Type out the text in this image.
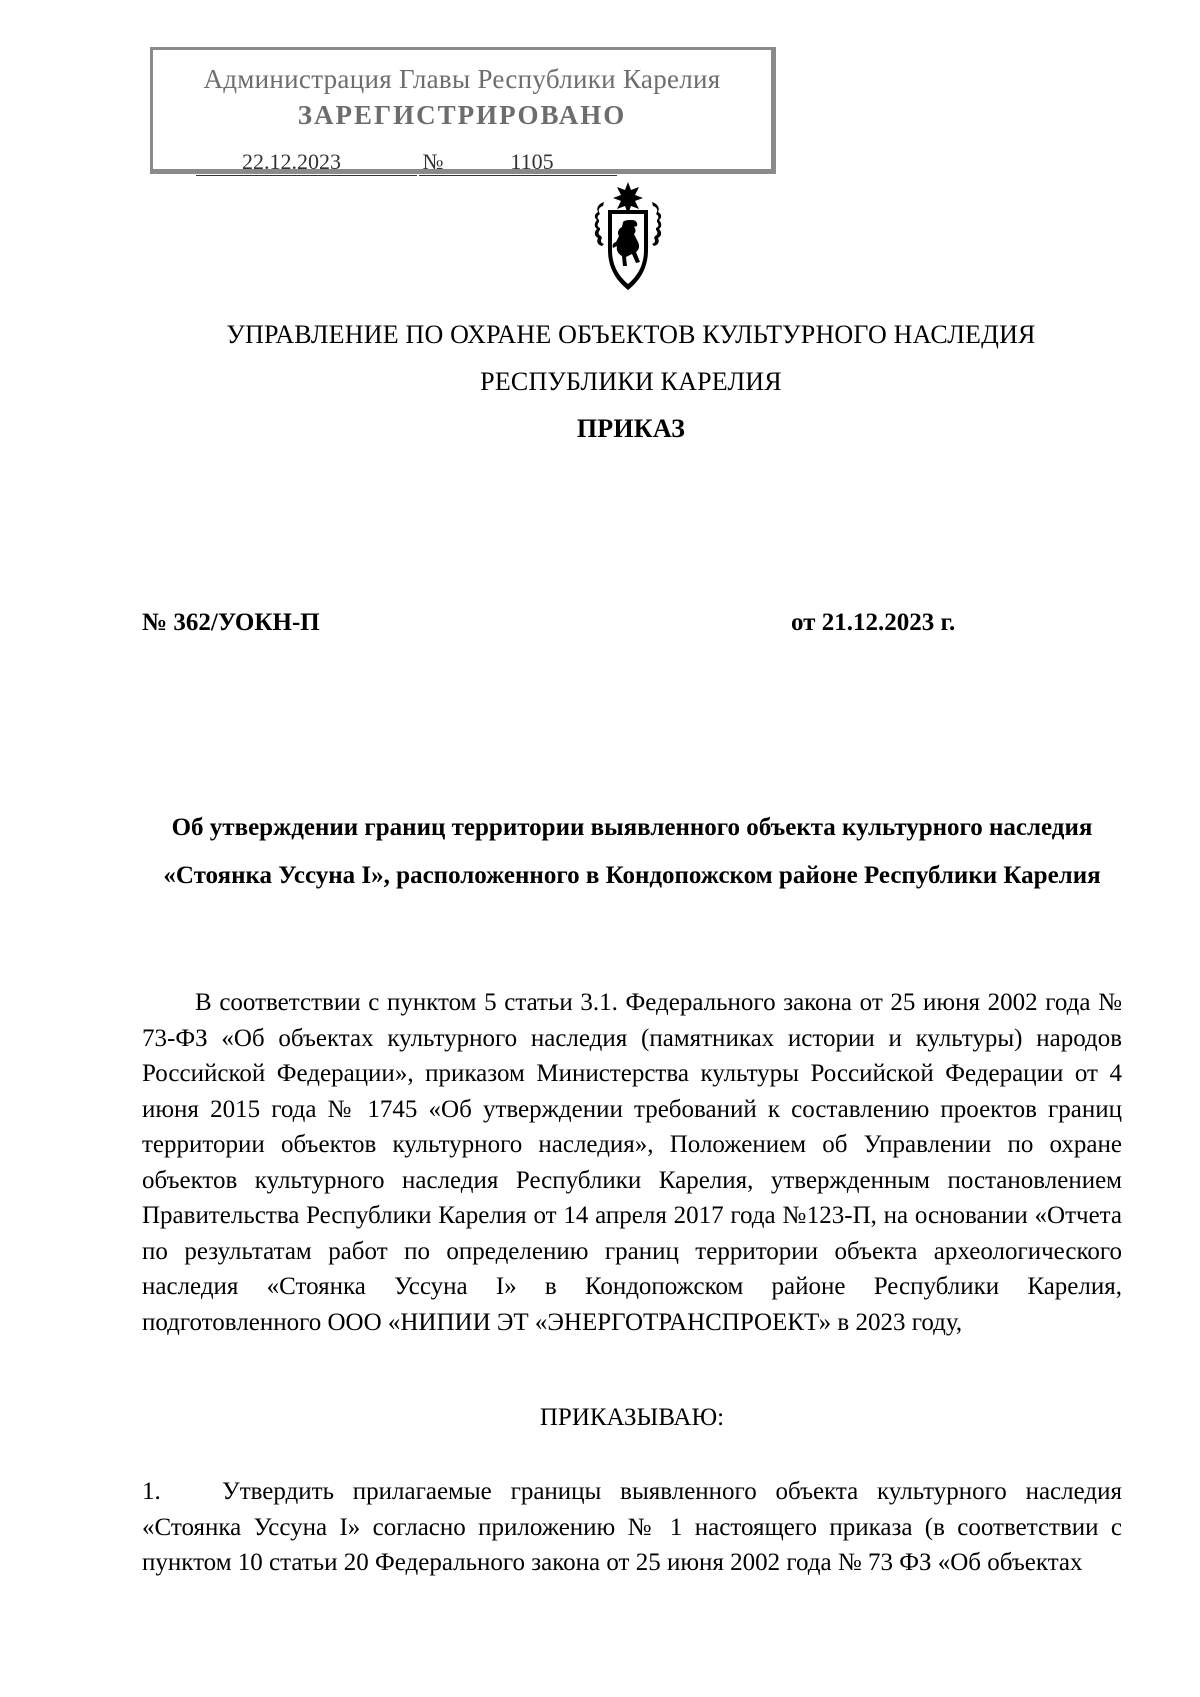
Администрация Главы Республики Карелия
ЗАРЕГИСТРИРОВАНО
22.12.2023	№	1105
УПРАВЛЕНИЕ ПО ОХРАНЕ ОБЪЕКТОВ КУЛЬТУРНОГО НАСЛЕДИЯ
РЕСПУБЛИКИ КАРЕЛИЯ
ПРИКАЗ
№ 362/УОКН-П	от 21.12.2023 г.
Об утверждении границ территории выявленного объекта культурного наследия «Стоянка Уссуна I», расположенного в Кондопожском районе Республики Карелия
В соответствии с пунктом 5 статьи 3.1. Федерального закона от 25 июня 2002 года № 73-ФЗ «Об объектах культурного наследия (памятниках истории и культуры) народов Российской Федерации», приказом Министерства культуры Российской Федерации от 4 июня 2015 года № 1745 «Об утверждении требований к составлению проектов границ территории объектов культурного наследия», Положением об Управлении по охране объектов культурного наследия Республики Карелия, утвержденным постановлением Правительства Республики Карелия от 14 апреля 2017 года №123-П, на основании «Отчета по результатам работ по определению границ территории объекта археологического наследия «Стоянка Уссуна I» в Кондопожском районе Республики Карелия, подготовленного ООО «НИПИИ ЭТ «ЭНЕРГОТРАНСПРОЕКТ» в 2023 году,
ПРИКАЗЫВАЮ:
1. Утвердить прилагаемые границы выявленного объекта культурного наследия «Стоянка Уссуна I» согласно приложению № 1 настоящего приказа (в соответствии с пунктом 10 статьи 20 Федерального закона от 25 июня 2002 года № 73 ФЗ «Об объектах
